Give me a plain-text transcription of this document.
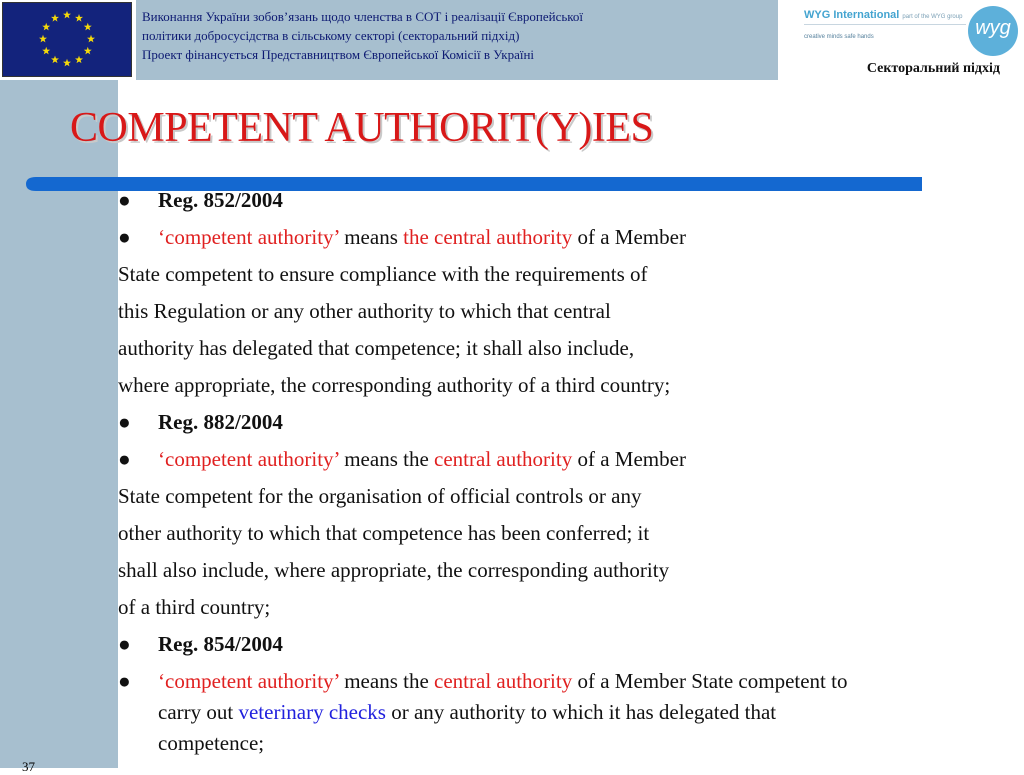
Виконання України зобов’язань щодо членства в СОТ і реалізації Європейської
політики добросусідства в сільському секторі (секторальний підхід)
Проект фінансується Представництвом Європейської Комісії в Україні
WYG International part of the WYG group
creative minds safe hands	wyg
Секторальний підхід
COMPETENT AUTHORIT(Y)IES
● Reg. 852/2004
● ‘competent authority’ means the central authority of a Member
State competent to ensure compliance with the requirements of
this Regulation or any other authority to which that central
authority has delegated that competence; it shall also include,
where appropriate, the corresponding authority of a third country;
● Reg. 882/2004
● ‘competent authority’ means the central authority of a Member
State competent for the organisation of official controls or any
other authority to which that competence has been conferred; it
shall also include, where appropriate, the corresponding authority
of a third country;
● Reg. 854/2004
● ‘competent authority’ means the central authority of a Member State competent to
carry out veterinary checks or any authority to which it has delegated that
competence;
37
